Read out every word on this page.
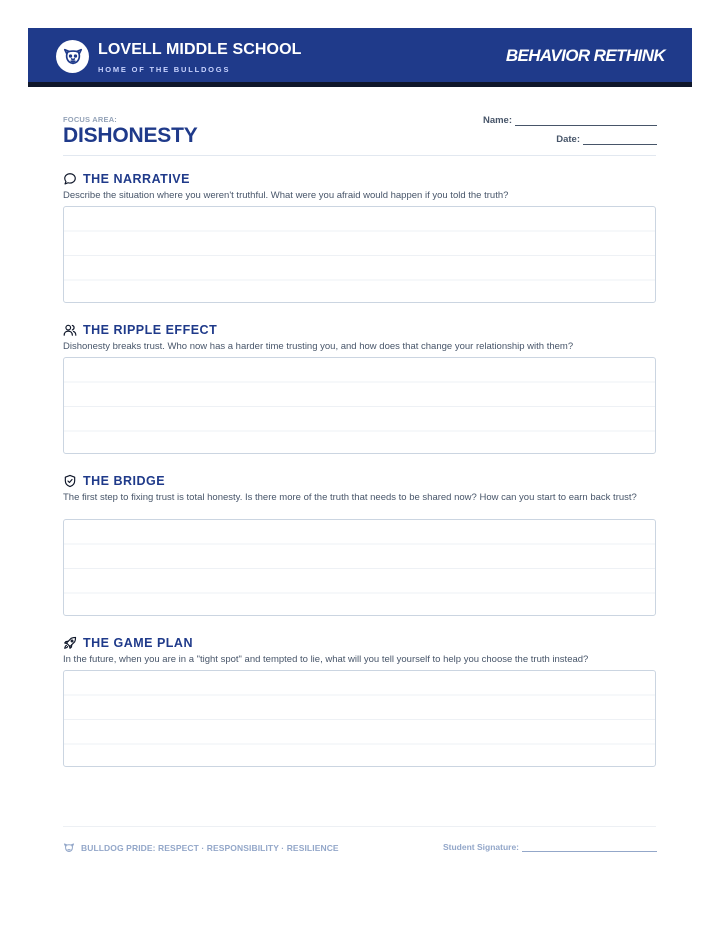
LOVELL MIDDLE SCHOOL
HOME OF THE BULLDOGS
BEHAVIOR RETHINK
FOCUS AREA:
DISHONESTY
Name:
Date:
THE NARRATIVE
Describe the situation where you weren't truthful. What were you afraid would happen if you told the truth?
THE RIPPLE EFFECT
Dishonesty breaks trust. Who now has a harder time trusting you, and how does that change your relationship with them?
THE BRIDGE
The first step to fixing trust is total honesty. Is there more of the truth that needs to be shared now? How can you start to earn back trust?
THE GAME PLAN
In the future, when you are in a "tight spot" and tempted to lie, what will you tell yourself to help you choose the truth instead?
BULLDOG PRIDE: RESPECT · RESPONSIBILITY · RESILIENCE	Student Signature:
